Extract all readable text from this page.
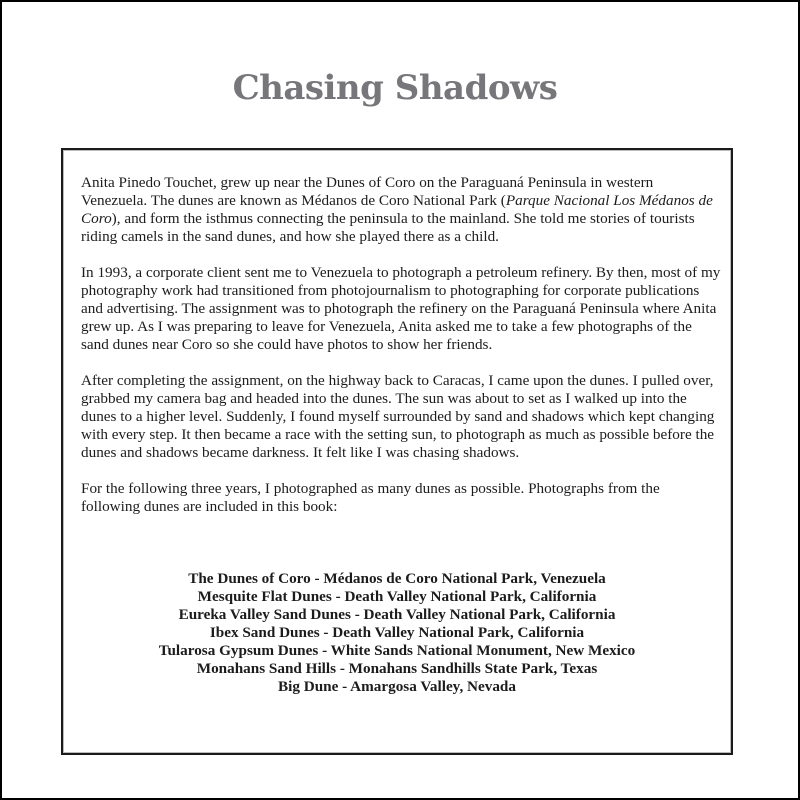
Chasing Shadows

Anita Pinedo Touchet, grew up near the Dunes of Coro on the Paraguaná Peninsula in western Venezuela. The dunes are known as Médanos de Coro National Park (Parque Nacional Los Médanos de Coro), and form the isthmus connecting the peninsula to the mainland. She told me stories of tourists riding camels in the sand dunes, and how she played there as a child.

In 1993, a corporate client sent me to Venezuela to photograph a petroleum refinery. By then, most of my photography work had transitioned from photojournalism to photographing for corporate publications and advertising. The assignment was to photograph the refinery on the Paraguaná Peninsula where Anita grew up. As I was preparing to leave for Venezuela, Anita asked me to take a few photographs of the sand dunes near Coro so she could have photos to show her friends.

After completing the assignment, on the highway back to Caracas, I came upon the dunes. I pulled over, grabbed my camera bag and headed into the dunes. The sun was about to set as I walked up into the dunes to a higher level. Suddenly, I found myself surrounded by sand and shadows which kept changing with every step. It then became a race with the setting sun, to photograph as much as possible before the dunes and shadows became darkness. It felt like I was chasing shadows.

For the following three years, I photographed as many dunes as possible. Photographs from the following dunes are included in this book:

The Dunes of Coro - Médanos de Coro National Park, Venezuela
Mesquite Flat Dunes - Death Valley National Park, California
Eureka Valley Sand Dunes - Death Valley National Park, California
Ibex Sand Dunes - Death Valley National Park, California
Tularosa Gypsum Dunes - White Sands National Monument, New Mexico
Monahans Sand Hills - Monahans Sandhills State Park, Texas
Big Dune - Amargosa Valley, Nevada
